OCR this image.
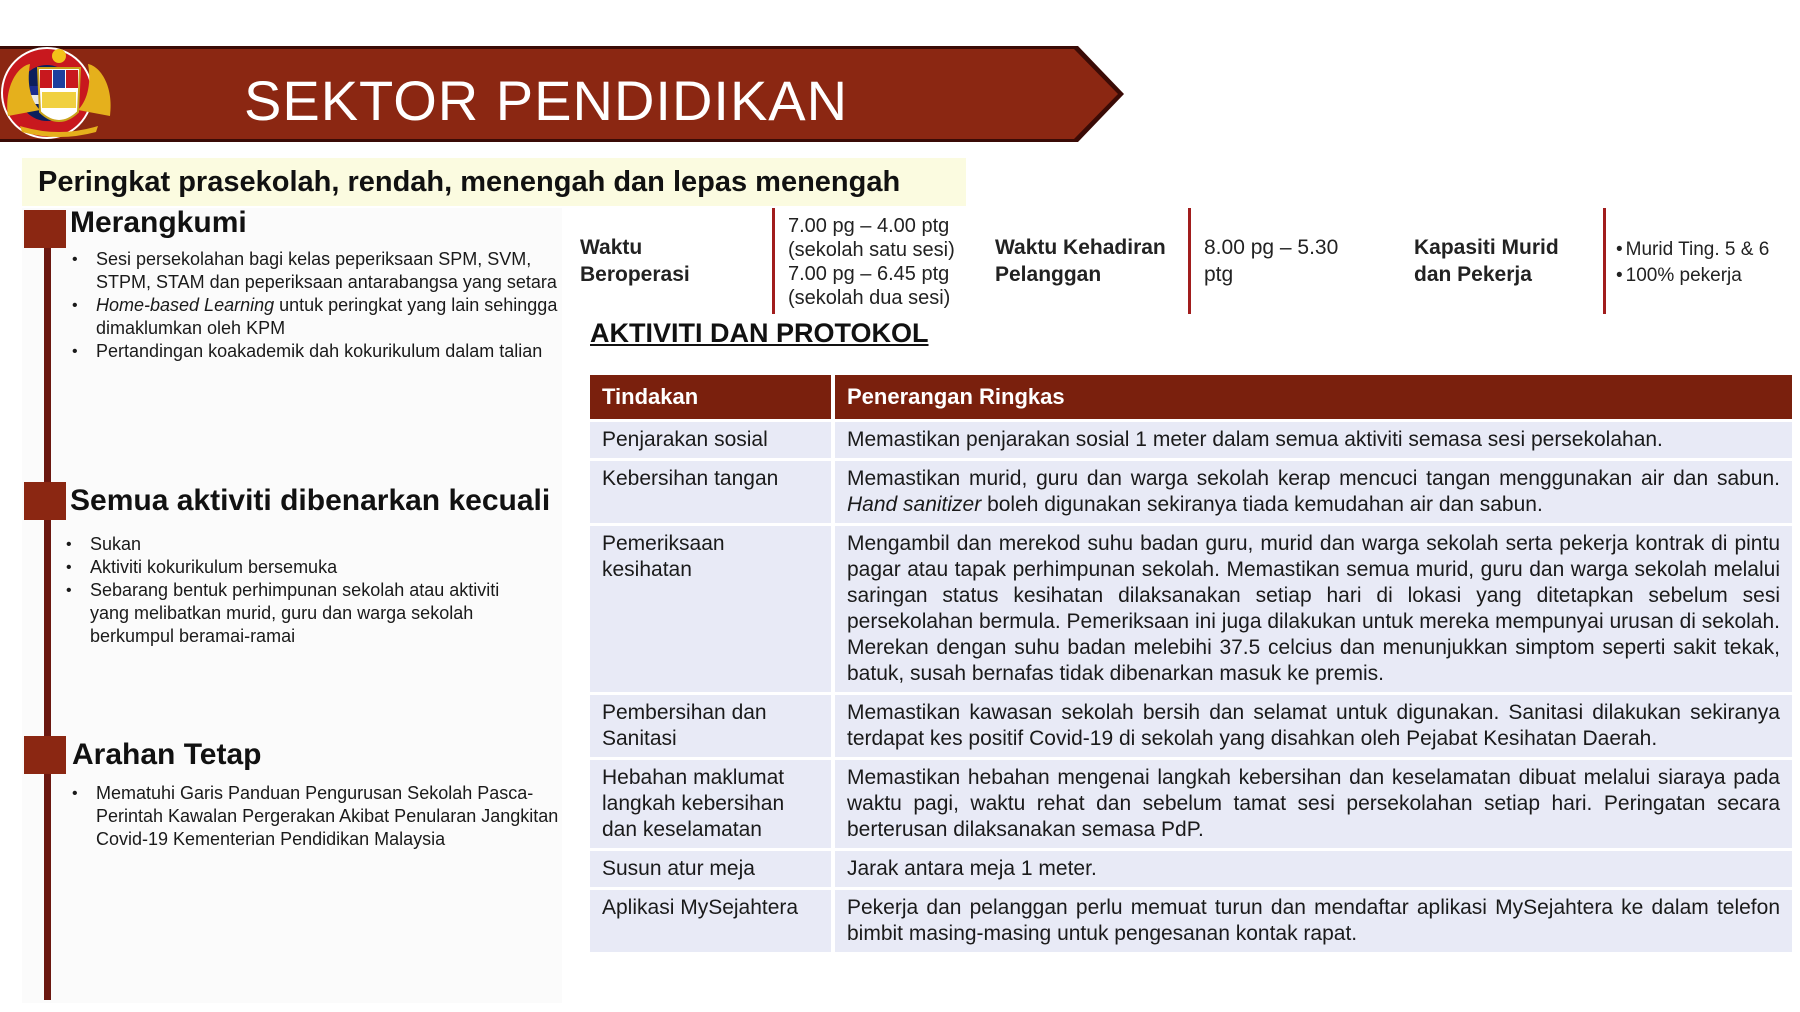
SEKTOR PENDIDIKAN
Peringkat prasekolah, rendah, menengah dan lepas menengah
Merangkumi
• Sesi persekolahan bagi kelas peperiksaan SPM, SVM, STPM, STAM dan peperiksaan antarabangsa yang setara
• Home-based Learning untuk peringkat yang lain sehingga dimaklumkan oleh KPM
• Pertandingan koakademik dah kokurikulum dalam talian
Semua aktiviti dibenarkan kecuali
• Sukan
• Aktiviti kokurikulum bersemuka
• Sebarang bentuk perhimpunan sekolah atau aktiviti yang melibatkan murid, guru dan warga sekolah berkumpul beramai-ramai
Arahan Tetap
• Mematuhi Garis Panduan Pengurusan Sekolah Pasca-Perintah Kawalan Pergerakan Akibat Penularan Jangkitan Covid-19 Kementerian Pendidikan Malaysia
Waktu
Beroperasi
7.00 pg – 4.00 ptg
(sekolah satu sesi)
7.00 pg – 6.45 ptg
(sekolah dua sesi)
Waktu Kehadiran
Pelanggan
8.00 pg – 5.30
ptg
Kapasiti Murid
dan Pekerja
• Murid Ting. 5 & 6
• 100% pekerja
AKTIVITI DAN PROTOKOL
Tindakan	Penerangan Ringkas
Penjarakan sosial	Memastikan penjarakan sosial 1 meter dalam semua aktiviti semasa sesi persekolahan.
Kebersihan tangan	Memastikan murid, guru dan warga sekolah kerap mencuci tangan menggunakan air dan sabun. Hand sanitizer boleh digunakan sekiranya tiada kemudahan air dan sabun.
Pemeriksaan kesihatan	Mengambil dan merekod suhu badan guru, murid dan warga sekolah serta pekerja kontrak di pintu pagar atau tapak perhimpunan sekolah. Memastikan semua murid, guru dan warga sekolah melalui saringan status kesihatan dilaksanakan setiap hari di lokasi yang ditetapkan sebelum sesi persekolahan bermula. Pemeriksaan ini juga dilakukan untuk mereka mempunyai urusan di sekolah. Merekan dengan suhu badan melebihi 37.5 celcius dan menunjukkan simptom seperti sakit tekak, batuk, susah bernafas tidak dibenarkan masuk ke premis.
Pembersihan dan Sanitasi	Memastikan kawasan sekolah bersih dan selamat untuk digunakan. Sanitasi dilakukan sekiranya terdapat kes positif Covid-19 di sekolah yang disahkan oleh Pejabat Kesihatan Daerah.
Hebahan maklumat langkah kebersihan dan keselamatan	Memastikan hebahan mengenai langkah kebersihan dan keselamatan dibuat melalui siaraya pada waktu pagi, waktu rehat dan sebelum tamat sesi persekolahan setiap hari. Peringatan secara berterusan dilaksanakan semasa PdP.
Susun atur meja	Jarak antara meja 1 meter.
Aplikasi MySejahtera	Pekerja dan pelanggan perlu memuat turun dan mendaftar aplikasi MySejahtera ke dalam telefon bimbit masing-masing untuk pengesanan kontak rapat.
